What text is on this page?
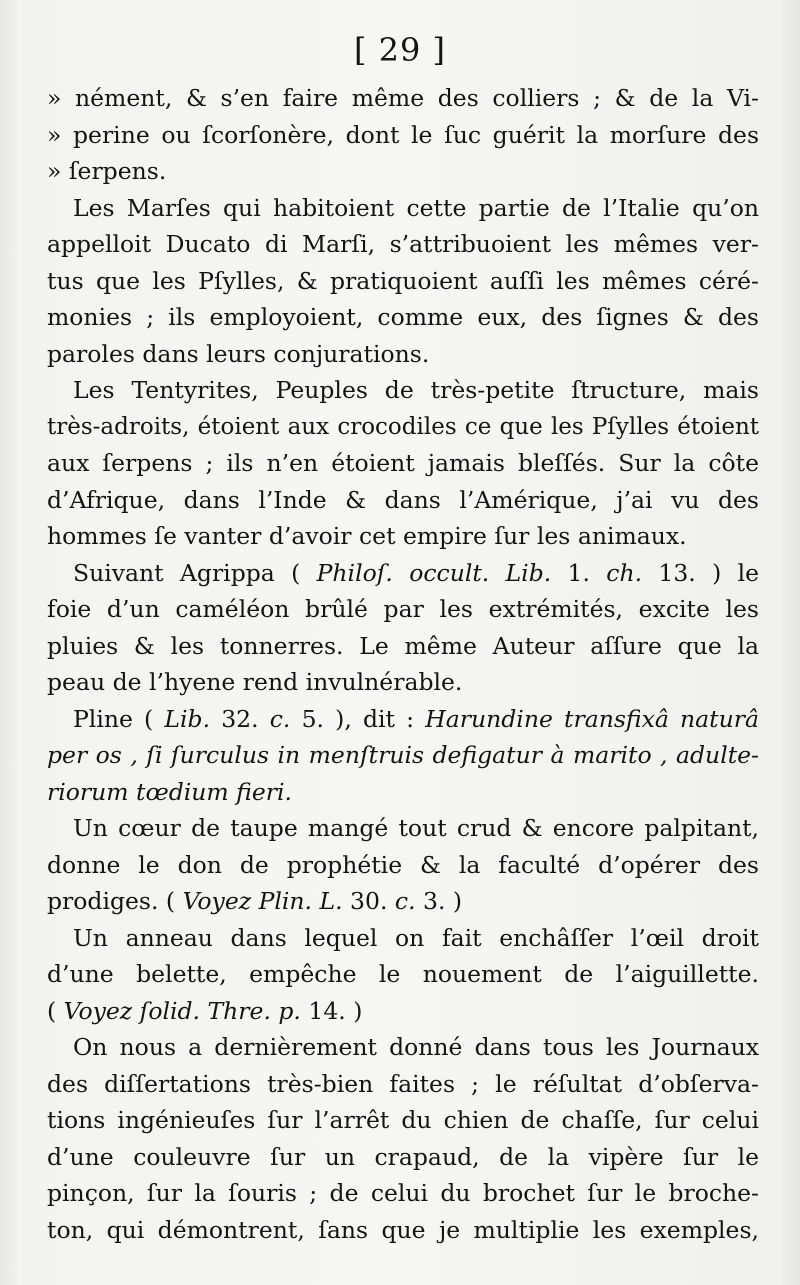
[ 29 ]
» nément, & s’en faire même des colliers ; & de la Vi-
» perine ou ſcorſonère, dont le ſuc guérit la morſure des
» ſerpens.
Les Marſes qui habitoient cette partie de l’Italie qu’on
appelloit Ducato di Marſi, s’attribuoient les mêmes ver-
tus que les Pſylles, & pratiquoient auſſi les mêmes céré-
monies ; ils employoient, comme eux, des ſignes & des
paroles dans leurs conjurations.
Les Tentyrites, Peuples de très-petite ſtructure, mais
très-adroits, étoient aux crocodiles ce que les Pſylles étoient
aux ſerpens ; ils n’en étoient jamais bleſſés. Sur la côte
d’Afrique, dans l’Inde & dans l’Amérique, j’ai vu des
hommes ſe vanter d’avoir cet empire ſur les animaux.
Suivant Agrippa ( Philoſ. occult. Lib. 1. ch. 13. ) le
foie d’un caméléon brûlé par les extrémités, excite les
pluies & les tonnerres. Le même Auteur aſſure que la
peau de l’hyene rend invulnérable.
Pline ( Lib. 32. c. 5. ), dit : Harundine transfixâ naturâ
per os , ſi ſurculus in menſtruis defigatur à marito , adulte-
riorum tœdium fieri.
Un cœur de taupe mangé tout crud & encore palpitant,
donne le don de prophétie & la faculté d’opérer des
prodiges. ( Voyez Plin. L. 30. c. 3. )
Un anneau dans lequel on fait enchâſſer l’œil droit
d’une belette, empêche le nouement de l’aiguillette.
( Voyez ſolid. Thre. p. 14. )
On nous a dernièrement donné dans tous les Journaux
des diſſertations très-bien faites ; le réſultat d’obſerva-
tions ingénieuſes ſur l’arrêt du chien de chaſſe, ſur celui
d’une couleuvre ſur un crapaud, de la vipère ſur le
pinçon, ſur la ſouris ; de celui du brochet ſur le broche-
ton, qui démontrent, ſans que je multiplie les exemples,
